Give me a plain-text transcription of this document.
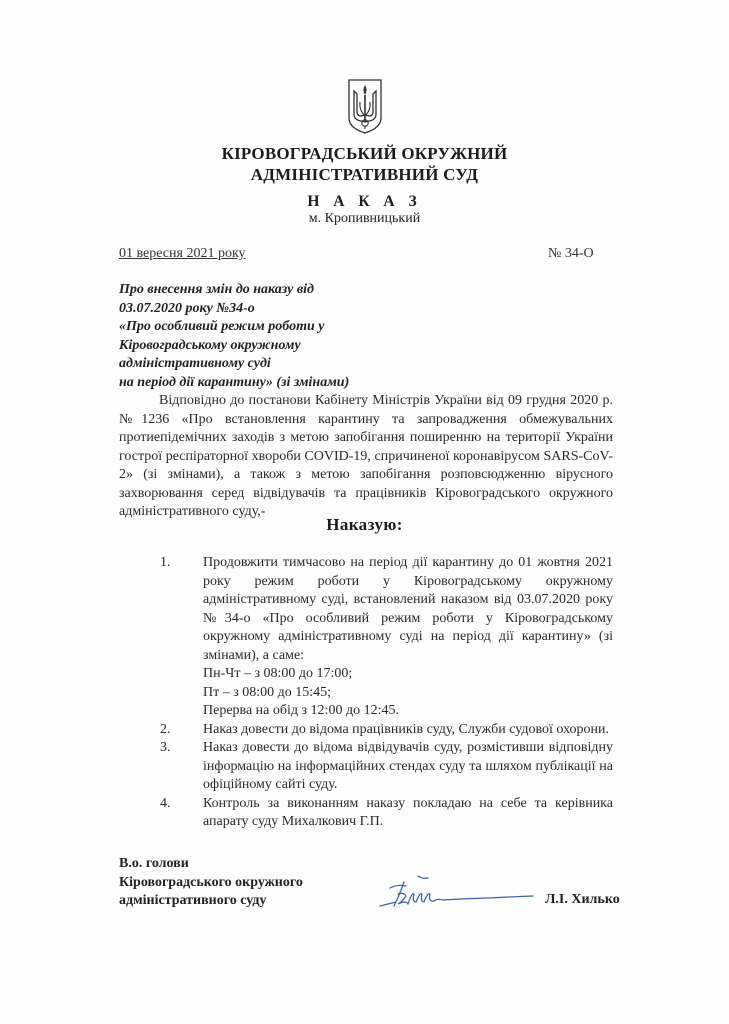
КІРОВОГРАДСЬКИЙ ОКРУЖНИЙ
АДМІНІСТРАТИВНИЙ СУД
Н А К А З
м. Кропивницький
01 вересня 2021 року	№ 34-О
Про внесення змін до наказу від
03.07.2020 року №34-о
«Про особливий режим роботи у
Кіровоградському окружному
адміністративному суді
на період дії карантину» (зі змінами)
Відповідно до постанови Кабінету Міністрів України від 09 грудня 2020 р. №1236 «Про встановлення карантину та запровадження обмежувальних протиепідемічних заходів з метою запобігання поширенню на території України гострої респіраторної хвороби COVID-19, спричиненої коронавірусом SARS-CoV-2» (зі змінами), а також з метою запобігання розповсюдженню вірусного захворювання серед відвідувачів та працівників Кіровоградського окружного адміністративного суду,-
Наказую:
1. Продовжити тимчасово на період дії карантину до 01 жовтня 2021 року режим роботи у Кіровоградському окружному адміністративному суді, встановлений наказом від 03.07.2020 року №34-о «Про особливий режим роботи у Кіровоградському окружному адміністративному суді на період дії карантину» (зі змінами), а саме:
Пн-Чт – з 08:00 до 17:00;
Пт – з 08:00 до 15:45;
Перерва на обід з 12:00 до 12:45.
2. Наказ довести до відома працівників суду, Служби судової охорони.
3. Наказ довести до відома відвідувачів суду, розмістивши відповідну інформацію на інформаційних стендах суду та шляхом публікації на офіційному сайті суду.
4. Контроль за виконанням наказу покладаю на себе та керівника апарату суду Михалкович Г.П.
В.о. голови
Кіровоградського окружного
адміністративного суду	Л.І. Хилько
